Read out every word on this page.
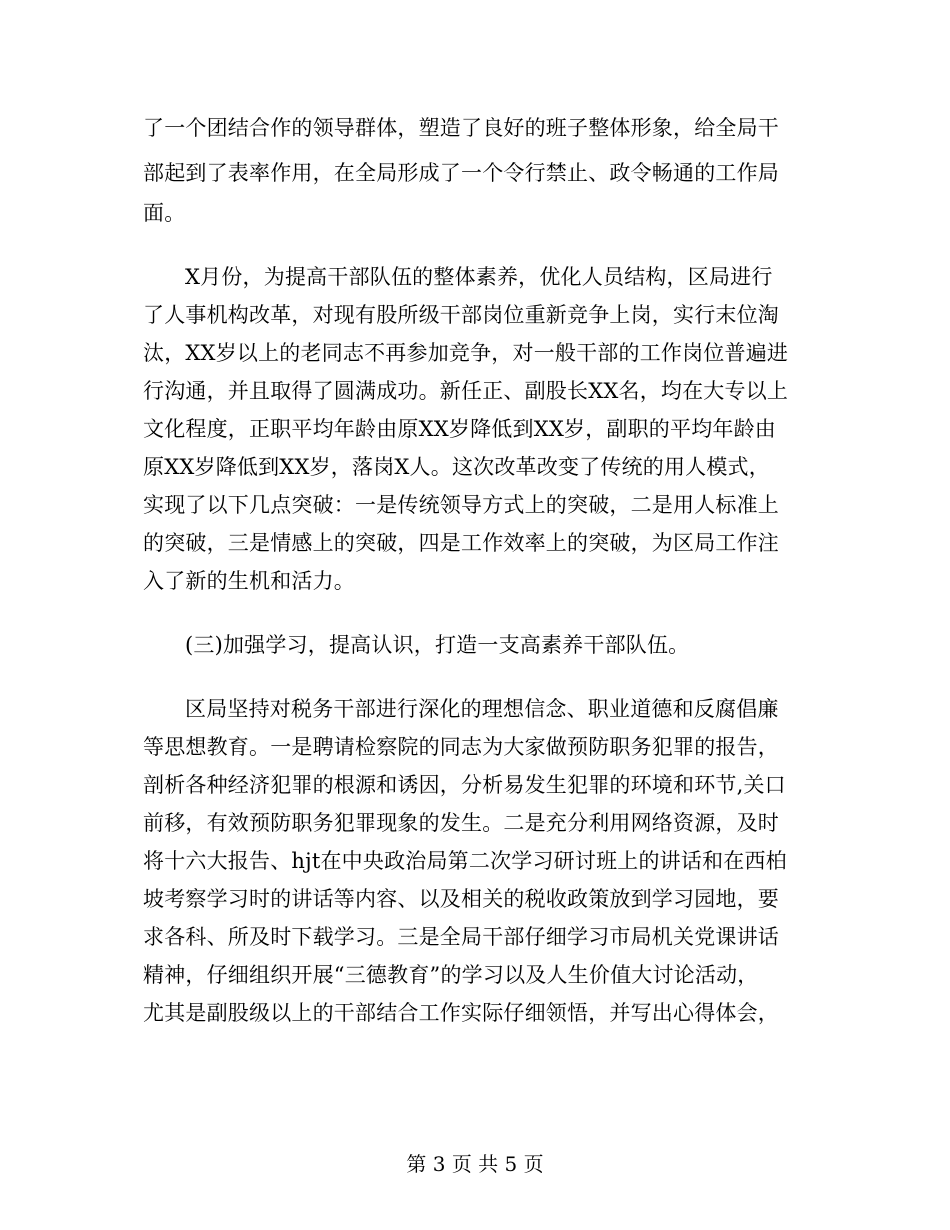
了一个团结合作的领导群体，塑造了良好的班子整体形象，给全局干
部起到了表率作用，在全局形成了一个令行禁止、政令畅通的工作局
面。
X月份，为提高干部队伍的整体素养，优化人员结构，区局进行
了人事机构改革，对现有股所级干部岗位重新竞争上岗，实行末位淘
汰，XX岁以上的老同志不再参加竞争，对一般干部的工作岗位普遍进
行沟通，并且取得了圆满成功。新任正、副股长XX名，均在大专以上
文化程度，正职平均年龄由原XX岁降低到XX岁，副职的平均年龄由
原XX岁降低到XX岁，落岗X人。这次改革改变了传统的用人模式，
实现了以下几点突破：一是传统领导方式上的突破，二是用人标准上
的突破，三是情感上的突破，四是工作效率上的突破，为区局工作注
入了新的生机和活力。
(三)加强学习，提高认识，打造一支高素养干部队伍。
区局坚持对税务干部进行深化的理想信念、职业道德和反腐倡廉
等思想教育。一是聘请检察院的同志为大家做预防职务犯罪的报告，
剖析各种经济犯罪的根源和诱因，分析易发生犯罪的环境和环节,关口
前移，有效预防职务犯罪现象的发生。二是充分利用网络资源，及时
将十六大报告、hjt在中央政治局第二次学习研讨班上的讲话和在西柏
坡考察学习时的讲话等内容、以及相关的税收政策放到学习园地，要
求各科、所及时下载学习。三是全局干部仔细学习市局机关党课讲话
精神，仔细组织开展“三德教育”的学习以及人生价值大讨论活动，
尤其是副股级以上的干部结合工作实际仔细领悟，并写出心得体会，
第 3 页 共 5 页
